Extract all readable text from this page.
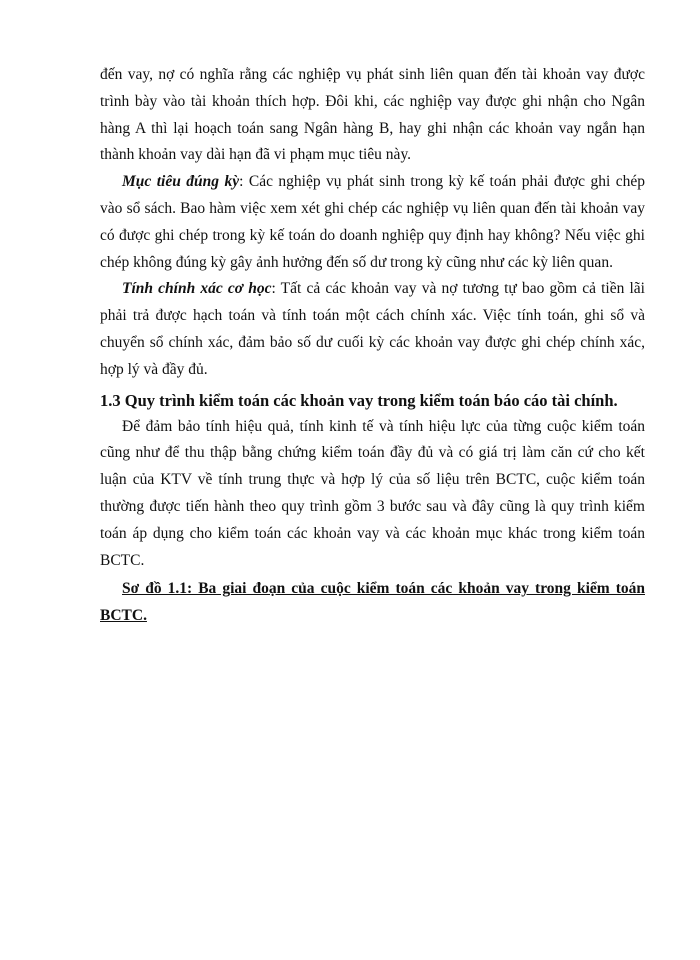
đến vay, nợ có nghĩa rằng các nghiệp vụ phát sinh liên quan đến tài khoản vay được trình bày vào tài khoản thích hợp. Đôi khi, các nghiệp vay được ghi nhận cho Ngân hàng A thì lại hoạch toán sang Ngân hàng B, hay ghi nhận các khoản vay ngắn hạn thành khoản vay dài hạn đã vi phạm mục tiêu này.

Mục tiêu đúng kỳ: Các nghiệp vụ phát sinh trong kỳ kế toán phải được ghi chép vào sổ sách. Bao hàm việc xem xét ghi chép các nghiệp vụ liên quan đến tài khoản vay có được ghi chép trong kỳ kế toán do doanh nghiệp quy định hay không? Nếu việc ghi chép không đúng kỳ gây ảnh hưởng đến số dư trong kỳ cũng như các kỳ liên quan.

Tính chính xác cơ học: Tất cả các khoản vay và nợ tương tự bao gồm cả tiền lãi phải trả được hạch toán và tính toán một cách chính xác. Việc tính toán, ghi sổ và chuyển sổ chính xác, đảm bảo số dư cuối kỳ các khoản vay được ghi chép chính xác, hợp lý và đầy đủ.

1.3 Quy trình kiểm toán các khoản vay trong kiểm toán báo cáo tài chính.

Để đảm bảo tính hiệu quả, tính kinh tế và tính hiệu lực của từng cuộc kiểm toán cũng như để thu thập bằng chứng kiểm toán đầy đủ và có giá trị làm căn cứ cho kết luận của KTV về tính trung thực và hợp lý của số liệu trên BCTC, cuộc kiểm toán thường được tiến hành theo quy trình gồm 3 bước sau và đây cũng là quy trình kiểm toán áp dụng cho kiểm toán các khoản vay và các khoản mục khác trong kiểm toán BCTC.

Sơ đồ 1.1: Ba giai đoạn của cuộc kiểm toán các khoản vay trong kiểm toán BCTC.
